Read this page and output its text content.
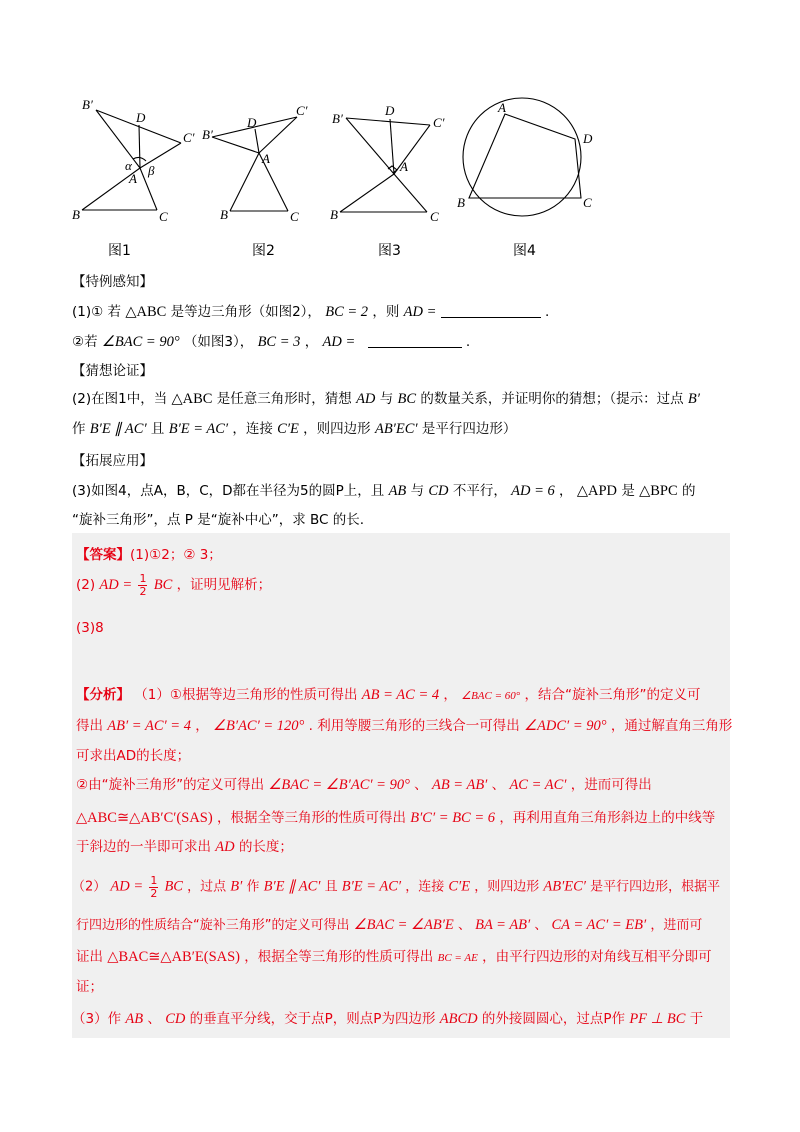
B′
D
C′
α β
A
B	C
图1
B′
D
C′
A
B	C
图2
B′
D
C′
A
B	C
图3
A
D
B	C
图4
【特例感知】
(1)① 若 △ABC 是等边三角形（如图2）， BC = 2 ，则 AD =	.
②若 ∠BAC = 90° （如图3）， BC = 3 ， AD =	.
【猜想论证】
(2)在图1中，当 △ABC 是任意三角形时，猜想 AD 与 BC 的数量关系，并证明你的猜想；（提示：过点 B′
作 B′E ∥ AC′ 且 B′E = AC′ ，连接 C′E ，则四边形 AB′EC′ 是平行四边形）
【拓展应用】
(3)如图4，点A，B，C，D都在半径为5的圆P上，且 AB 与 CD 不平行， AD = 6 ， △APD 是 △BPC 的
“旋补三角形”，点 P 是“旋补中心”，求 BC 的长.
【答案】(1)①2；② 3；
(2) AD = $\frac{1}{2}$ BC ，证明见解析；
(3)8
【分析】 （1）①根据等边三角形的性质可得出 AB = AC = 4 ， ∠BAC = 60° ，结合“旋补三角形”的定义可
得出 AB′ = AC′ = 4 ， ∠B′AC′ = 120° . 利用等腰三角形的三线合一可得出 ∠ADC′ = 90° ，通过解直角三角形
可求出AD的长度；
②由“旋补三角形”的定义可得出 ∠BAC = ∠B′AC′ = 90° 、 AB = AB′ 、 AC = AC′ ，进而可得出
△ABC≅△AB′C′(SAS) ，根据全等三角形的性质可得出 B′C′ = BC = 6 ，再利用直角三角形斜边上的中线等
于斜边的一半即可求出 AD 的长度；
（2） AD = $\frac{1}{2}$ BC ，过点 B′ 作 B′E ∥ AC′ 且 B′E = AC′ ，连接 C′E ，则四边形 AB′EC′ 是平行四边形，根据平
行四边形的性质结合“旋补三角形”的定义可得出 ∠BAC = ∠AB′E 、 BA = AB′ 、 CA = AC′ = EB′ ，进而可
证出 △BAC≅△AB′E(SAS) ，根据全等三角形的性质可得出 BC = AE ，由平行四边形的对角线互相平分即可
证；
（3）作 AB 、 CD 的垂直平分线，交于点P，则点P为四边形 ABCD 的外接圆圆心，过点P作 PF ⊥ BC 于
